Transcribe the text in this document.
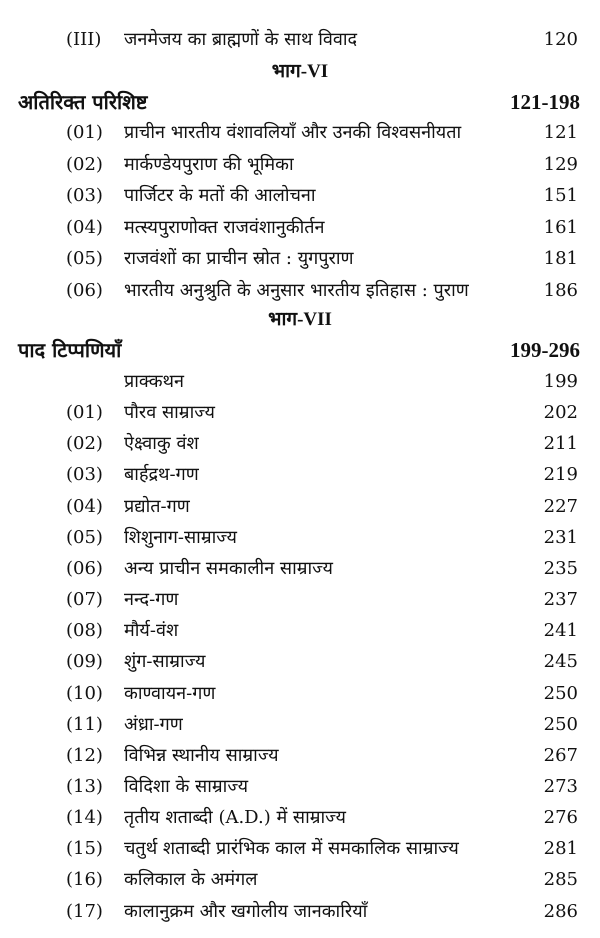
(III) जनमेजय का ब्राह्मणों के साथ विवाद	120
भाग-VI
अतिरिक्त परिशिष्ट	121-198
(01) प्राचीन भारतीय वंशावलियाँ और उनकी विश्वसनीयता	121
(02) मार्कण्डेयपुराण की भूमिका	129
(03) पार्जिटर के मतों की आलोचना	151
(04) मत्स्यपुराणोक्त राजवंशानुकीर्तन	161
(05) राजवंशों का प्राचीन स्रोत : युगपुराण	181
(06) भारतीय अनुश्रुति के अनुसार भारतीय इतिहास : पुराण	186
भाग-VII
पाद टिप्पणियाँ	199-296
प्राक्कथन	199
(01) पौरव साम्राज्य	202
(02) ऐक्ष्वाकु वंश	211
(03) बार्हद्रथ-गण	219
(04) प्रद्योत-गण	227
(05) शिशुनाग-साम्राज्य	231
(06) अन्य प्राचीन समकालीन साम्राज्य	235
(07) नन्द-गण	237
(08) मौर्य-वंश	241
(09) शुंग-साम्राज्य	245
(10) काण्वायन-गण	250
(11) अंध्रा-गण	250
(12) विभिन्न स्थानीय साम्राज्य	267
(13) विदिशा के साम्राज्य	273
(14) तृतीय शताब्दी (A.D.) में साम्राज्य	276
(15) चतुर्थ शताब्दी प्रारंभिक काल में समकालिक साम्राज्य	281
(16) कलिकाल के अमंगल	285
(17) कालानुक्रम और खगोलीय जानकारियाँ	286
